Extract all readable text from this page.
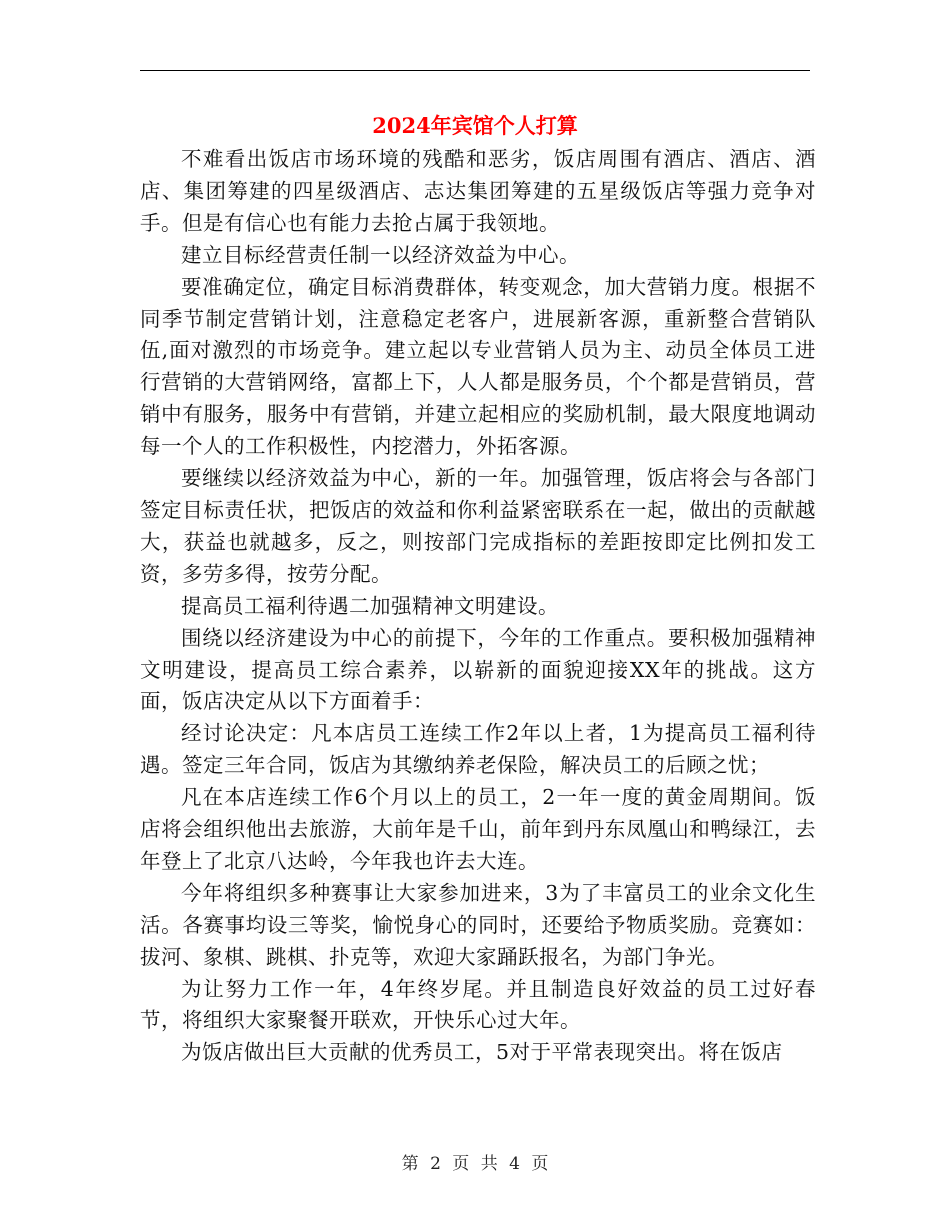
2024年宾馆个人打算

不难看出饭店市场环境的残酷和恶劣，饭店周围有酒店、酒店、酒店、集团筹建的四星级酒店、志达集团筹建的五星级饭店等强力竞争对手。但是有信心也有能力去抢占属于我领地。

建立目标经营责任制一以经济效益为中心。

要准确定位，确定目标消费群体，转变观念，加大营销力度。根据不同季节制定营销计划，注意稳定老客户，进展新客源，重新整合营销队伍,面对激烈的市场竞争。建立起以专业营销人员为主、动员全体员工进行营销的大营销网络，富都上下，人人都是服务员，个个都是营销员，营销中有服务，服务中有营销，并建立起相应的奖励机制，最大限度地调动每一个人的工作积极性，内挖潜力，外拓客源。

要继续以经济效益为中心，新的一年。加强管理，饭店将会与各部门签定目标责任状，把饭店的效益和你利益紧密联系在一起，做出的贡献越大，获益也就越多，反之，则按部门完成指标的差距按即定比例扣发工资，多劳多得，按劳分配。

提高员工福利待遇二加强精神文明建设。

围绕以经济建设为中心的前提下，今年的工作重点。要积极加强精神文明建设，提高员工综合素养，以崭新的面貌迎接XX年的挑战。这方面，饭店决定从以下方面着手：

经讨论决定：凡本店员工连续工作2年以上者，1为提高员工福利待遇。签定三年合同，饭店为其缴纳养老保险，解决员工的后顾之忧；

凡在本店连续工作6个月以上的员工，2一年一度的黄金周期间。饭店将会组织他出去旅游，大前年是千山，前年到丹东凤凰山和鸭绿江，去年登上了北京八达岭，今年我也许去大连。

今年将组织多种赛事让大家参加进来，3为了丰富员工的业余文化生活。各赛事均设三等奖，愉悦身心的同时，还要给予物质奖励。竞赛如：拔河、象棋、跳棋、扑克等，欢迎大家踊跃报名，为部门争光。

为让努力工作一年，4年终岁尾。并且制造良好效益的员工过好春节，将组织大家聚餐开联欢，开快乐心过大年。

为饭店做出巨大贡献的优秀员工，5对于平常表现突出。将在饭店

第 2 页 共 4 页
